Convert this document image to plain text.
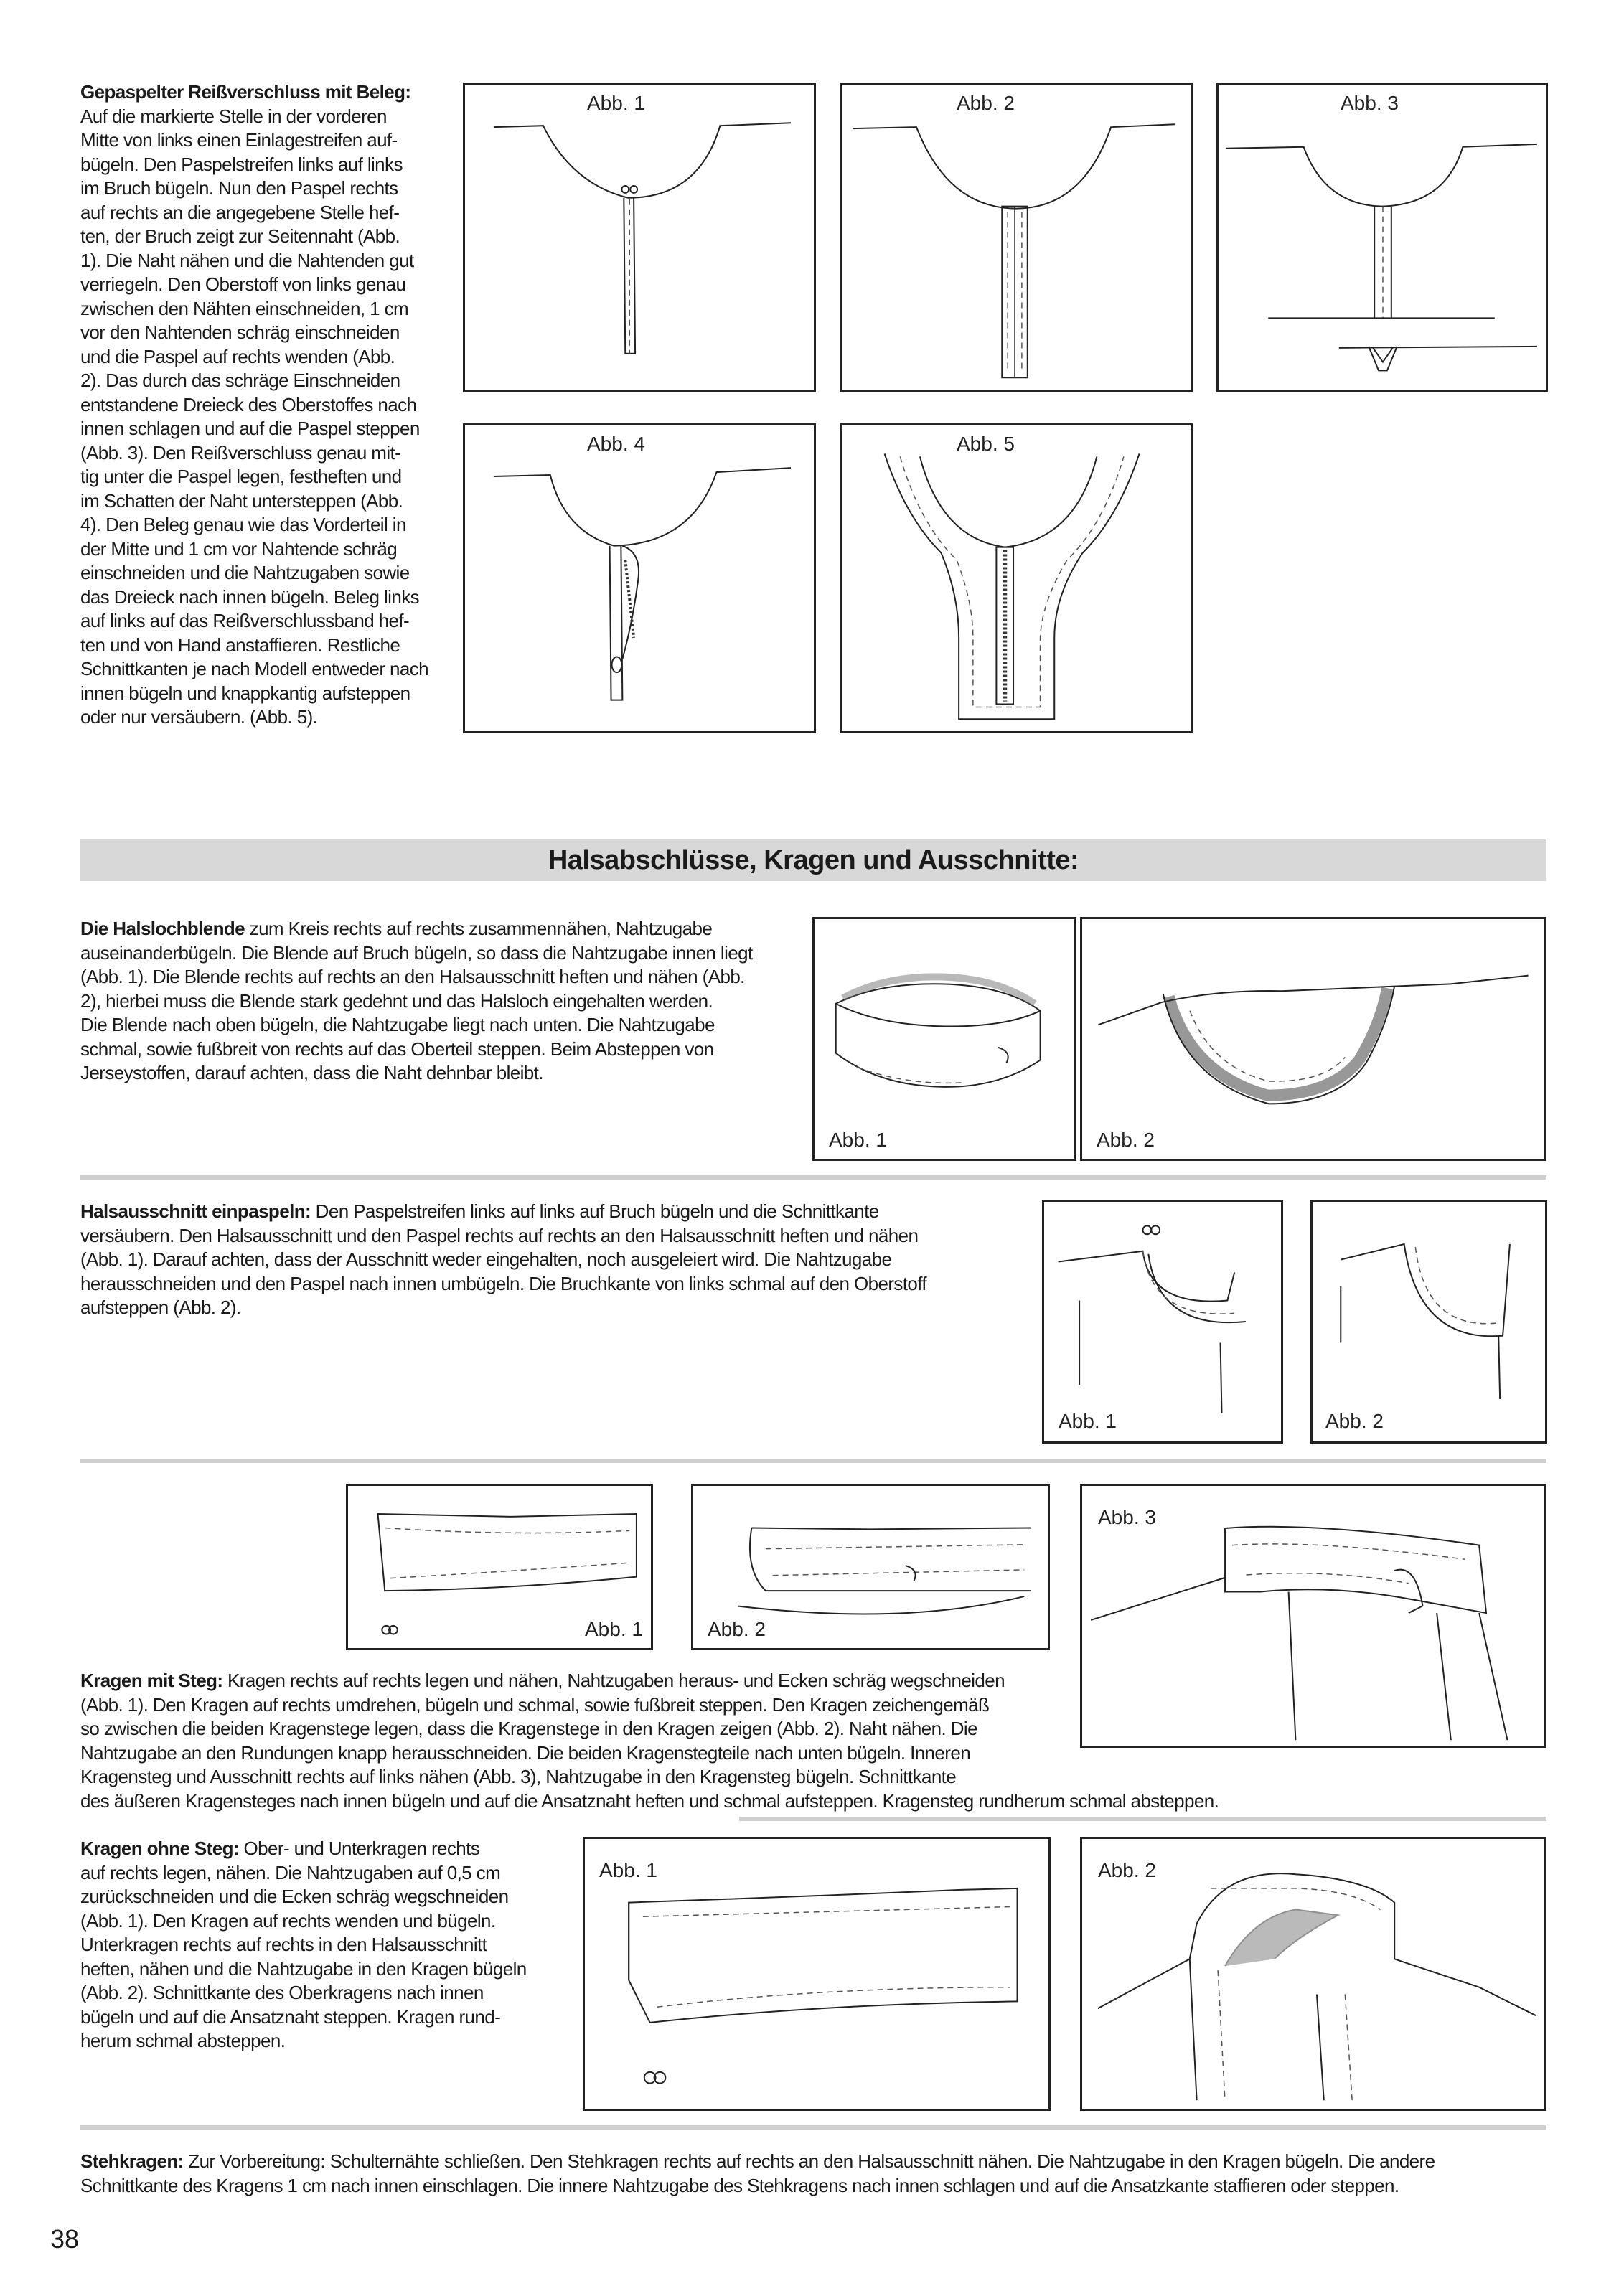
Gepaspelter Reißverschluss mit Beleg:
Auf die markierte Stelle in der vorderen
Mitte von links einen Einlagestreifen auf-
bügeln. Den Paspelstreifen links auf links
im Bruch bügeln. Nun den Paspel rechts
auf rechts an die angegebene Stelle hef-
ten, der Bruch zeigt zur Seitennaht (Abb.
1). Die Naht nähen und die Nahtenden gut
verriegeln. Den Oberstoff von links genau
zwischen den Nähten einschneiden, 1 cm
vor den Nahtenden schräg einschneiden
und die Paspel auf rechts wenden (Abb.
2). Das durch das schräge Einschneiden
entstandene Dreieck des Oberstoffes nach
innen schlagen und auf die Paspel steppen
(Abb. 3). Den Reißverschluss genau mit-
tig unter die Paspel legen, festheften und
im Schatten der Naht untersteppen (Abb.
4). Den Beleg genau wie das Vorderteil in
der Mitte und 1 cm vor Nahtende schräg
einschneiden und die Nahtzugaben sowie
das Dreieck nach innen bügeln. Beleg links
auf links auf das Reißverschlussband hef-
ten und von Hand anstaffieren. Restliche
Schnittkanten je nach Modell entweder nach
innen bügeln und knappkantig aufsteppen
oder nur versäubern. (Abb. 5).
Abb. 1	Abb. 2	Abb. 3
Abb. 4	Abb. 5
Halsabschlüsse, Kragen und Ausschnitte:
Die Halslochblende zum Kreis rechts auf rechts zusammennähen, Nahtzugabe
auseinanderbügeln. Die Blende auf Bruch bügeln, so dass die Nahtzugabe innen liegt
(Abb. 1). Die Blende rechts auf rechts an den Halsausschnitt heften und nähen (Abb.
2), hierbei muss die Blende stark gedehnt und das Halsloch eingehalten werden.
Die Blende nach oben bügeln, die Nahtzugabe liegt nach unten. Die Nahtzugabe
schmal, sowie fußbreit von rechts auf das Oberteil steppen. Beim Absteppen von
Jerseystoffen, darauf achten, dass die Naht dehnbar bleibt.
Abb. 1	Abb. 2
Halsausschnitt einpaspeln: Den Paspelstreifen links auf links auf Bruch bügeln und die Schnittkante
versäubern. Den Halsausschnitt und den Paspel rechts auf rechts an den Halsausschnitt heften und nähen
(Abb. 1). Darauf achten, dass der Ausschnitt weder eingehalten, noch ausgeleiert wird. Die Nahtzugabe
herausschneiden und den Paspel nach innen umbügeln. Die Bruchkante von links schmal auf den Oberstoff
aufsteppen (Abb. 2).
Abb. 1	Abb. 2
Abb. 1	Abb. 2
Abb. 3
Kragen mit Steg: Kragen rechts auf rechts legen und nähen, Nahtzugaben heraus- und Ecken schräg wegschneiden
(Abb. 1). Den Kragen auf rechts umdrehen, bügeln und schmal, sowie fußbreit steppen. Den Kragen zeichengemäß
so zwischen die beiden Kragenstege legen, dass die Kragenstege in den Kragen zeigen (Abb. 2). Naht nähen. Die
Nahtzugabe an den Rundungen knapp herausschneiden. Die beiden Kragenstegteile nach unten bügeln. Inneren
Kragensteg und Ausschnitt rechts auf links nähen (Abb. 3), Nahtzugabe in den Kragensteg bügeln. Schnittkante
des äußeren Kragensteges nach innen bügeln und auf die Ansatznaht heften und schmal aufsteppen. Kragensteg rundherum schmal absteppen.
Kragen ohne Steg: Ober- und Unterkragen rechts
auf rechts legen, nähen. Die Nahtzugaben auf 0,5 cm
zurückschneiden und die Ecken schräg wegschneiden
(Abb. 1). Den Kragen auf rechts wenden und bügeln.
Unterkragen rechts auf rechts in den Halsausschnitt
heften, nähen und die Nahtzugabe in den Kragen bügeln
(Abb. 2). Schnittkante des Oberkragens nach innen
bügeln und auf die Ansatznaht steppen. Kragen rund-
herum schmal absteppen.
Abb. 1	Abb. 2
Stehkragen: Zur Vorbereitung: Schulternähte schließen. Den Stehkragen rechts auf rechts an den Halsausschnitt nähen. Die Nahtzugabe in den Kragen bügeln. Die andere
Schnittkante des Kragens 1 cm nach innen einschlagen. Die innere Nahtzugabe des Stehkragens nach innen schlagen und auf die Ansatzkante staffieren oder steppen.
38
